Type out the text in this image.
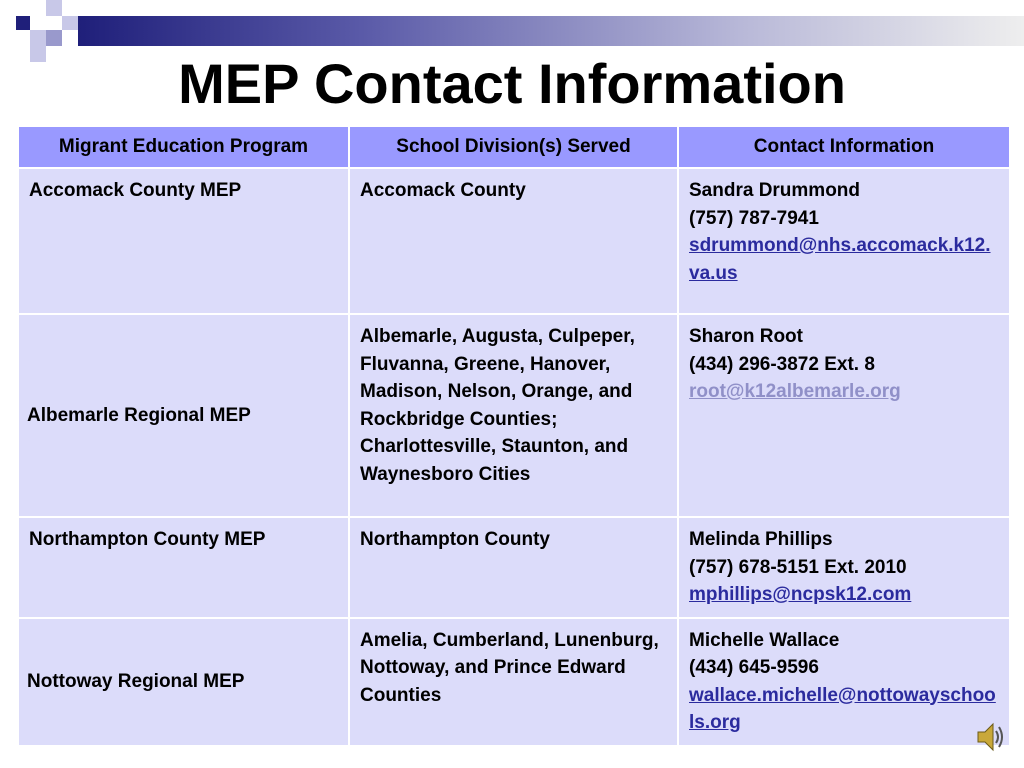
MEP Contact Information
Migrant Education Program	School Division(s) Served	Contact Information
Accomack County MEP	Accomack County	Sandra Drummond
(757) 787-7941
sdrummond@nhs.accomack.k12.va.us

Albemarle Regional MEP	Albemarle, Augusta, Culpeper, Fluvanna, Greene, Hanover, Madison, Nelson, Orange, and Rockbridge Counties; Charlottesville, Staunton, and Waynesboro Cities	Sharon Root
(434) 296-3872 Ext. 8
root@k12albemarle.org

Northampton County MEP	Northampton County	Melinda Phillips
(757) 678-5151 Ext. 2010
mphillips@ncpsk12.com

Nottoway Regional MEP	Amelia, Cumberland, Lunenburg, Nottoway, and Prince Edward Counties	Michelle Wallace
(434) 645-9596
wallace.michelle@nottowayschools.org
